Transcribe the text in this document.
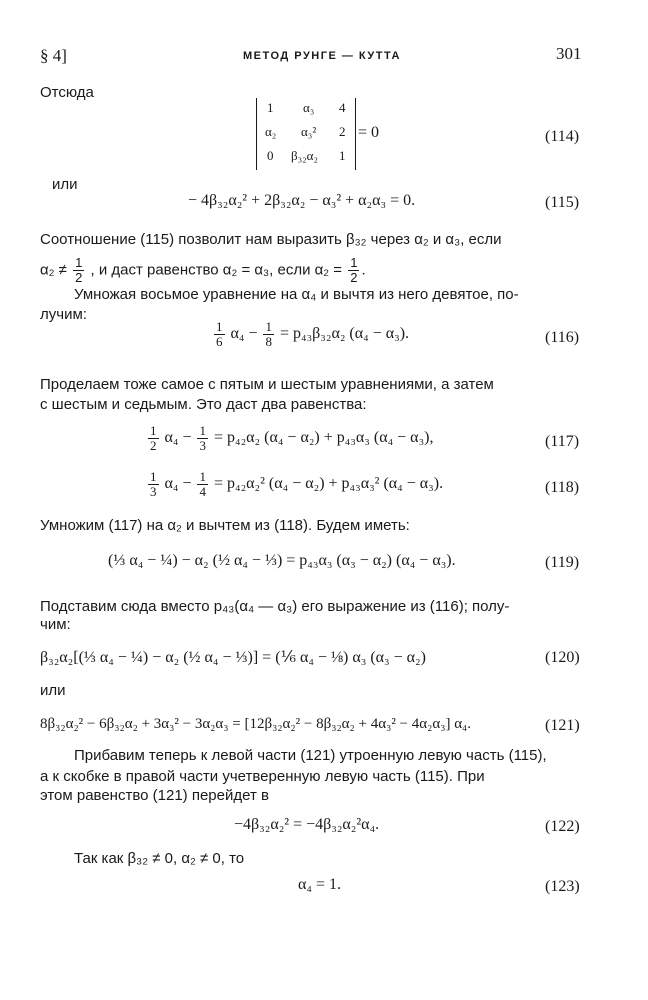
§ 4]	МЕТОД РУНГЕ — КУТТА	301
Отсюда
1 α₃ 4
α₂ α₃² 2
0 β₃₂α₂ 1
= 0	(114)
или
− 4β₃₂α₂² + 2β₃₂α₂ − α₃² + α₂α₃ = 0.	(115)
Соотношение (115) позволит нам выразить β₃₂ через α₂ и α₃, если
$\alpha_2 \ne \frac{1}{2}$ , и даст равенство α₂ = α₃, если $\alpha_2 = \frac{1}{2}$ .
Умножая восьмое уравнение на α₄ и вычтя из него девятое, по-
лучим:
$\frac{1}{6} \alpha_4 - \frac{1}{8} = p_{43}\beta_{32}\alpha_2$ (α₄ − α₃).	(116)
Проделаем тоже самое с пятым и шестым уравнениями, а затем
с шестым и седьмым. Это даст два равенства:
$\frac{1}{2} \alpha_4 - \frac{1}{3} = p_{42}\alpha_2$ (α₄ − α₂) + p₄₃α₃ (α₄ − α₃),	(117)
$\frac{1}{3} \alpha_4 - \frac{1}{4} = p_{42}\alpha_2^2$ (α₄ − α₂) + p₄₃α₃² (α₄ − α₃).	(118)
Умножим (117) на α₂ и вычтем из (118). Будем иметь:
(⅓ α₄ − ¼) − α₂ (½ α₄ − ⅓) = p₄₃α₃ (α₃ − α₂) (α₄ − α₃).	(119)
Подставим сюда вместо p₄₃(α₄ — α₃) его выражение из (116); полу-
чим:
β₃₂α₂[(⅓ α₄ − ¼) − α₂ (½ α₄ − ⅓)] = (⅙ α₄ − ⅛) α₃ (α₃ − α₂)	(120)
или
8β₃₂α₂² − 6β₃₂α₂ + 3α₃² − 3α₂α₃ = [12β₃₂α₂² − 8β₃₂α₂ + 4α₃² − 4α₂α₃] α₄.	(121)
Прибавим теперь к левой части (121) утроенную левую часть (115),
а к скобке в правой части учетверенную левую часть (115). При
этом равенство (121) перейдет в
−4β₃₂α₂² = −4β₃₂α₂²α₄.	(122)
Так как β₃₂ ≠ 0, α₂ ≠ 0, то
α₄ = 1.	(123)
